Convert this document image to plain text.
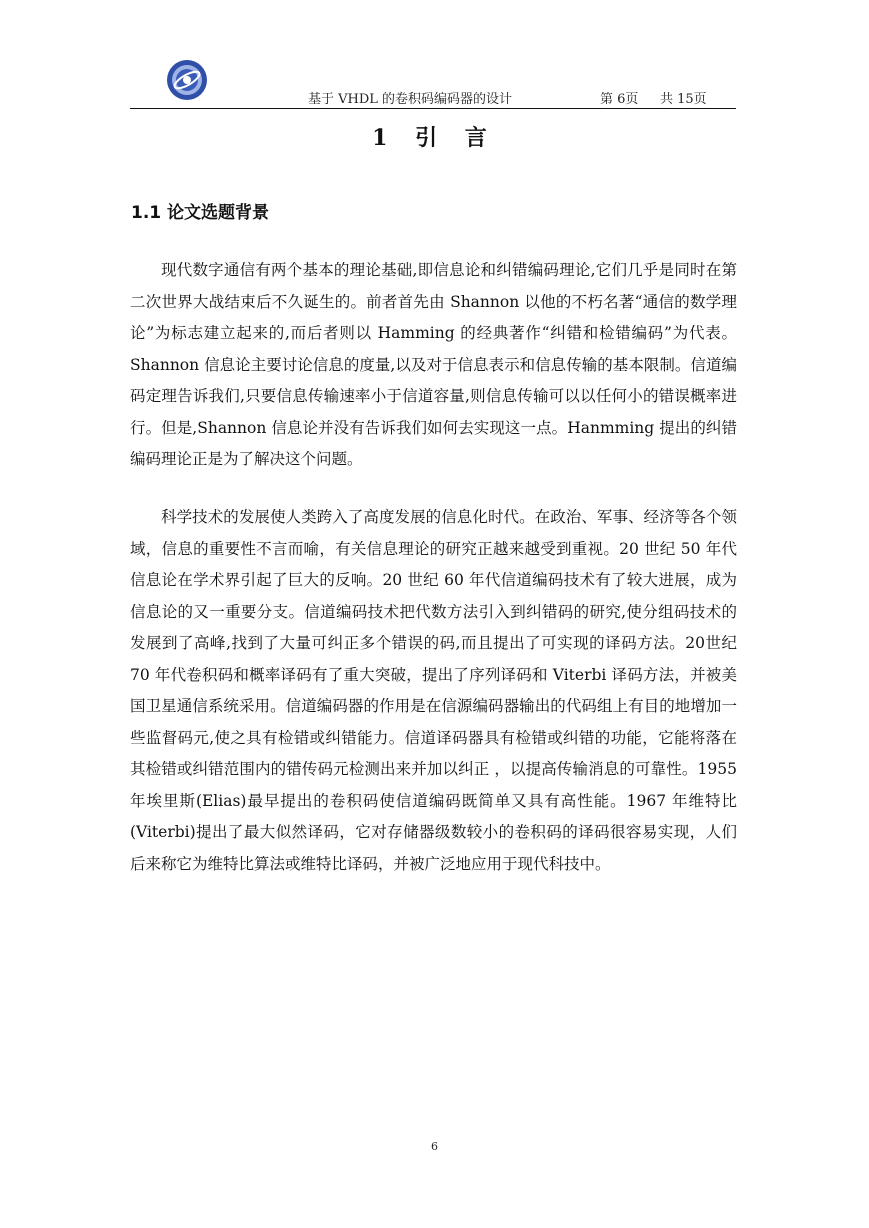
基于 VHDL 的卷积码编码器的设计	第 6页 共 15页
1 引 言
1.1 论文选题背景

现代数字通信有两个基本的理论基础,即信息论和纠错编码理论,它们几乎是同时在第二次世界大战结束后不久诞生的。前者首先由 Shannon 以他的不朽名著“通信的数学理论”为标志建立起来的,而后者则以 Hamming 的经典著作“纠错和检错编码”为代表。Shannon 信息论主要讨论信息的度量,以及对于信息表示和信息传输的基本限制。信道编码定理告诉我们,只要信息传输速率小于信道容量,则信息传输可以以任何小的错误概率进行。但是,Shannon 信息论并没有告诉我们如何去实现这一点。Hanmming 提出的纠错编码理论正是为了解决这个问题。

科学技术的发展使人类跨入了高度发展的信息化时代。在政治、军事、经济等各个领域，信息的重要性不言而喻，有关信息理论的研究正越来越受到重视。20 世纪 50 年代信息论在学术界引起了巨大的反响。20 世纪 60 年代信道编码技术有了较大进展，成为信息论的又一重要分支。信道编码技术把代数方法引入到纠错码的研究,使分组码技术的发展到了高峰,找到了大量可纠正多个错误的码,而且提出了可实现的译码方法。20世纪 70 年代卷积码和概率译码有了重大突破，提出了序列译码和 Viterbi 译码方法，并被美国卫星通信系统采用。信道编码器的作用是在信源编码器输出的代码组上有目的地增加一些监督码元,使之具有检错或纠错能力。信道译码器具有检错或纠错的功能，它能将落在其检错或纠错范围内的错传码元检测出来并加以纠正 ，以提高传输消息的可靠性。1955 年埃里斯(Elias)最早提出的卷积码使信道编码既简单又具有高性能。1967 年维特比(Viterbi)提出了最大似然译码，它对存储器级数较小的卷积码的译码很容易实现，人们后来称它为维特比算法或维特比译码，并被广泛地应用于现代科技中。

6
